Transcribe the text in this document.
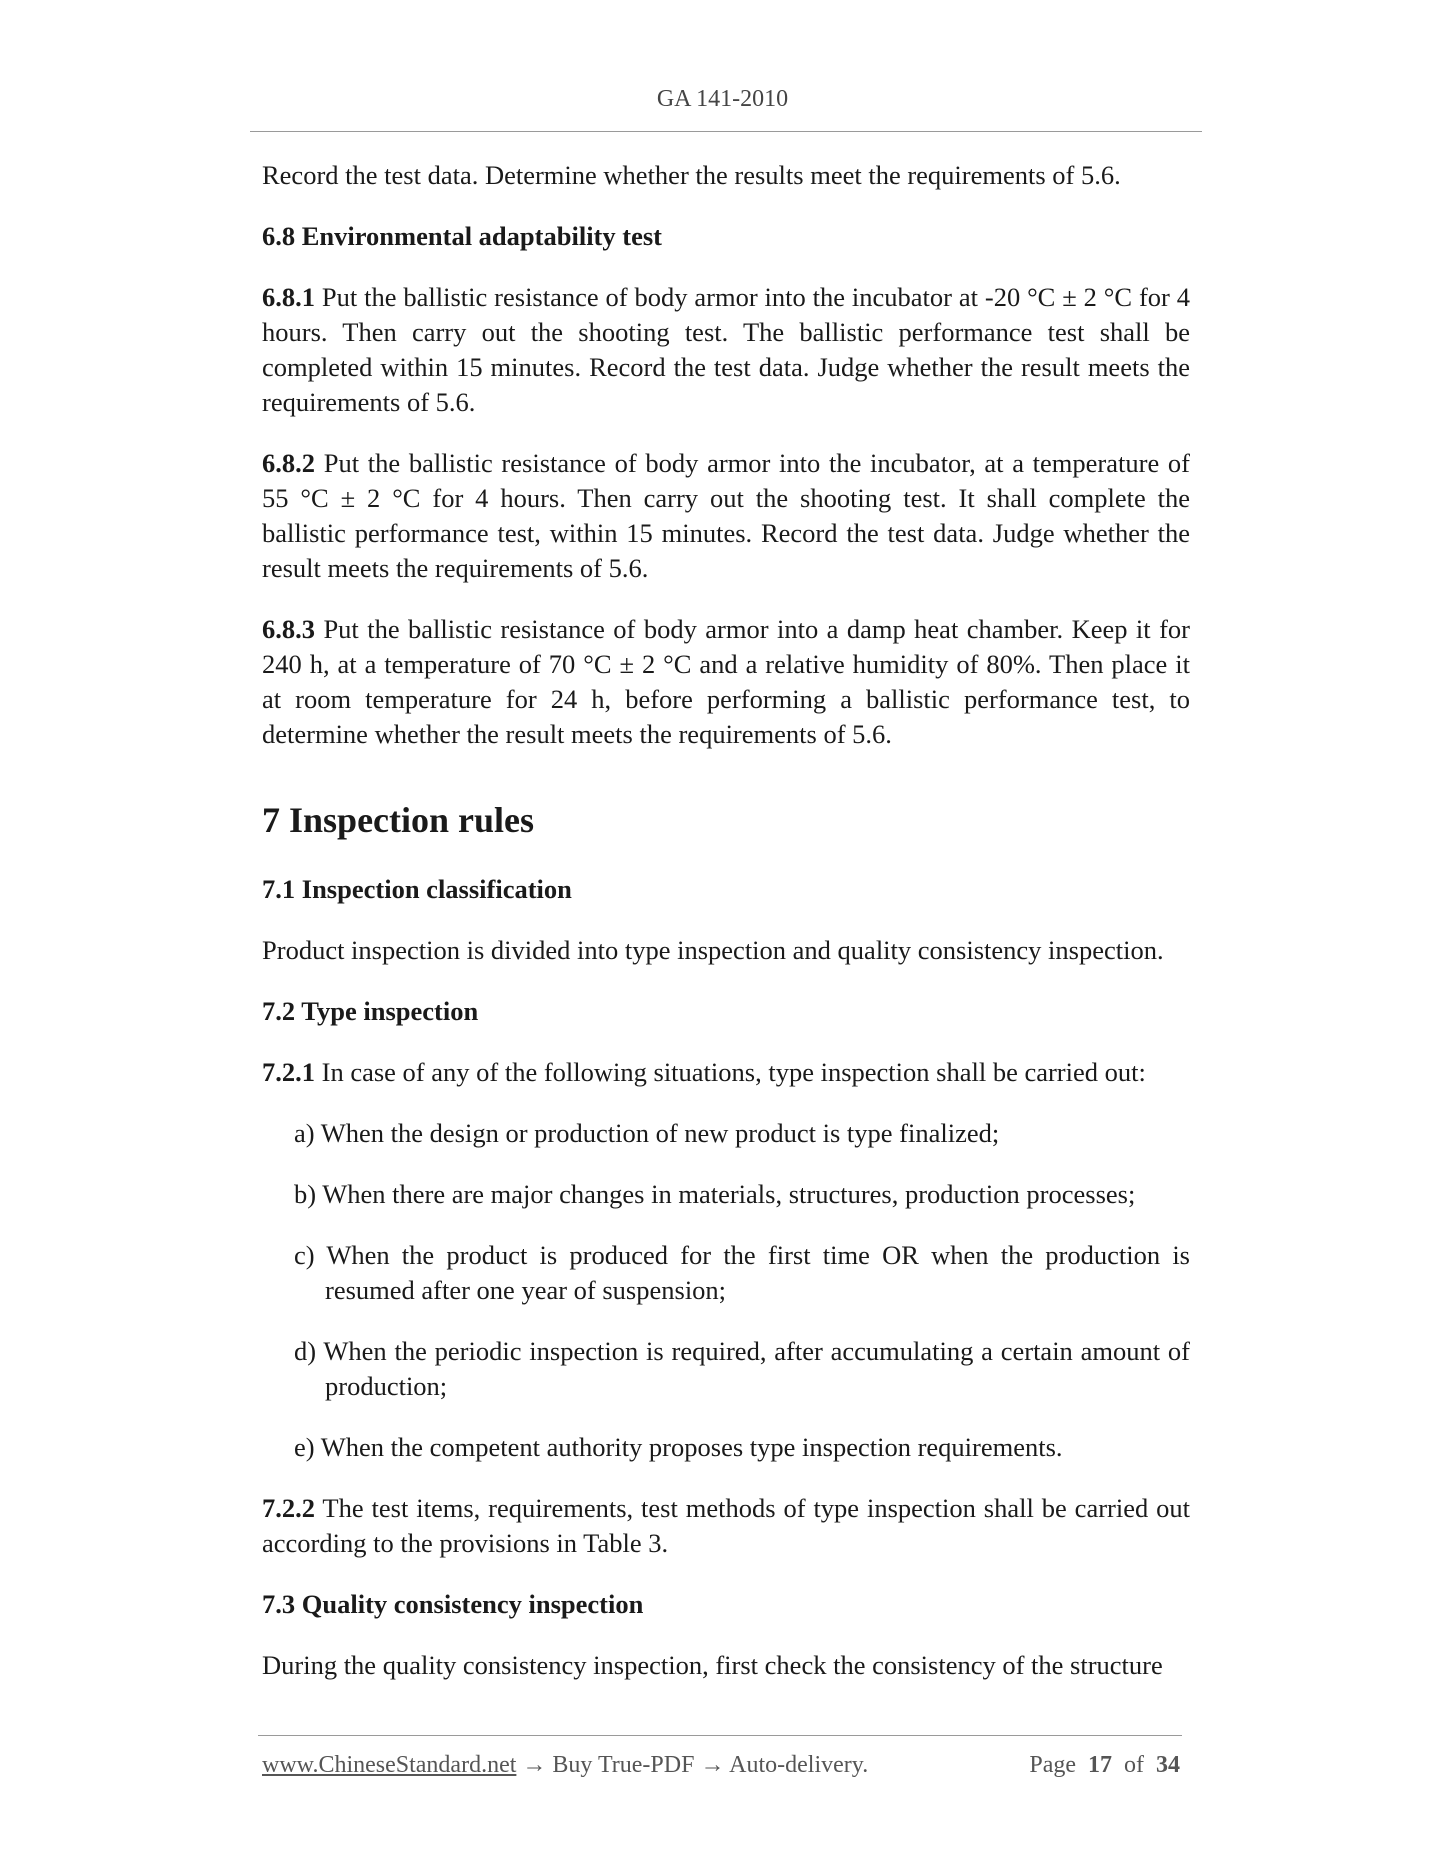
GA 141-2010

Record the test data. Determine whether the results meet the requirements of 5.6.

6.8 Environmental adaptability test

6.8.1 Put the ballistic resistance of body armor into the incubator at -20 °C ± 2 °C for 4 hours. Then carry out the shooting test. The ballistic performance test shall be completed within 15 minutes. Record the test data. Judge whether the result meets the requirements of 5.6.

6.8.2 Put the ballistic resistance of body armor into the incubator, at a temperature of 55 °C ± 2 °C for 4 hours. Then carry out the shooting test. It shall complete the ballistic performance test, within 15 minutes. Record the test data. Judge whether the result meets the requirements of 5.6.

6.8.3 Put the ballistic resistance of body armor into a damp heat chamber. Keep it for 240 h, at a temperature of 70 °C ± 2 °C and a relative humidity of 80%. Then place it at room temperature for 24 h, before performing a ballistic performance test, to determine whether the result meets the requirements of 5.6.

7 Inspection rules
7.1 Inspection classification

Product inspection is divided into type inspection and quality consistency inspection.

7.2 Type inspection

7.2.1 In case of any of the following situations, type inspection shall be carried out:

a) When the design or production of new product is type finalized;

b) When there are major changes in materials, structures, production processes;

c) When the product is produced for the first time OR when the production is resumed after one year of suspension;

d) When the periodic inspection is required, after accumulating a certain amount of production;

e) When the competent authority proposes type inspection requirements.

7.2.2 The test items, requirements, test methods of type inspection shall be carried out according to the provisions in Table 3.

7.3 Quality consistency inspection

During the quality consistency inspection, first check the consistency of the structure

www.ChineseStandard.net → Buy True-PDF → Auto-delivery.	Page 17 of 34
